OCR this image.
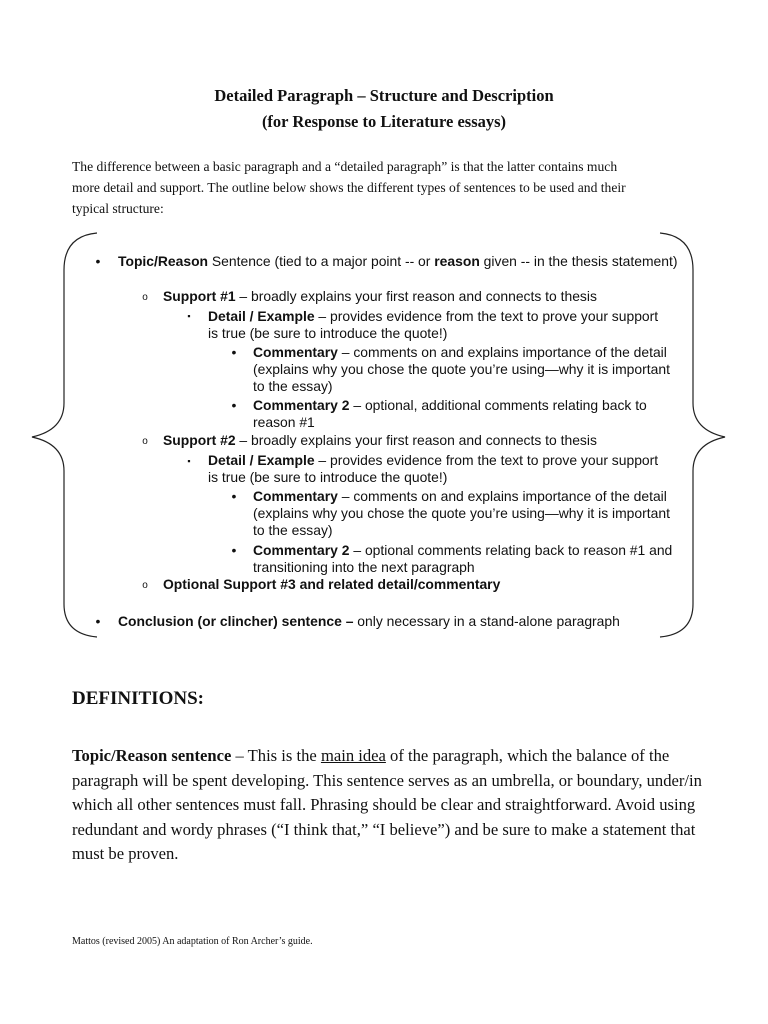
Detailed Paragraph – Structure and Description
(for Response to Literature essays)
The difference between a basic paragraph and a “detailed paragraph” is that the latter contains much
more detail and support. The outline below shows the different types of sentences to be used and their
typical structure:
• Topic/Reason Sentence (tied to a major point -- or reason given -- in the thesis statement)
o Support #1 – broadly explains your first reason and connects to thesis
▪	Detail / Example – provides evidence from the text to prove your support is true (be sure to introduce the quote!)
• Commentary – comments on and explains importance of the detail (explains why you chose the quote you’re using—why it is important to the essay)
• Commentary 2 – optional, additional comments relating back to reason #1
o Support #2 – broadly explains your first reason and connects to thesis
▪	Detail / Example – provides evidence from the text to prove your support is true (be sure to introduce the quote!)
• Commentary – comments on and explains importance of the detail (explains why you chose the quote you’re using—why it is important to the essay)
• Commentary 2 – optional comments relating back to reason #1 and transitioning into the next paragraph
o Optional Support #3 and related detail/commentary
• Conclusion (or clincher) sentence – only necessary in a stand-alone paragraph
DEFINITIONS:
Topic/Reason sentence – This is the main idea of the paragraph, which the balance of the paragraph will be spent developing. This sentence serves as an umbrella, or boundary, under/in which all other sentences must fall. Phrasing should be clear and straightforward. Avoid using redundant and wordy phrases (“I think that,” “I believe”) and be sure to make a statement that must be proven.
Mattos (revised 2005) An adaptation of Ron Archer’s guide.
